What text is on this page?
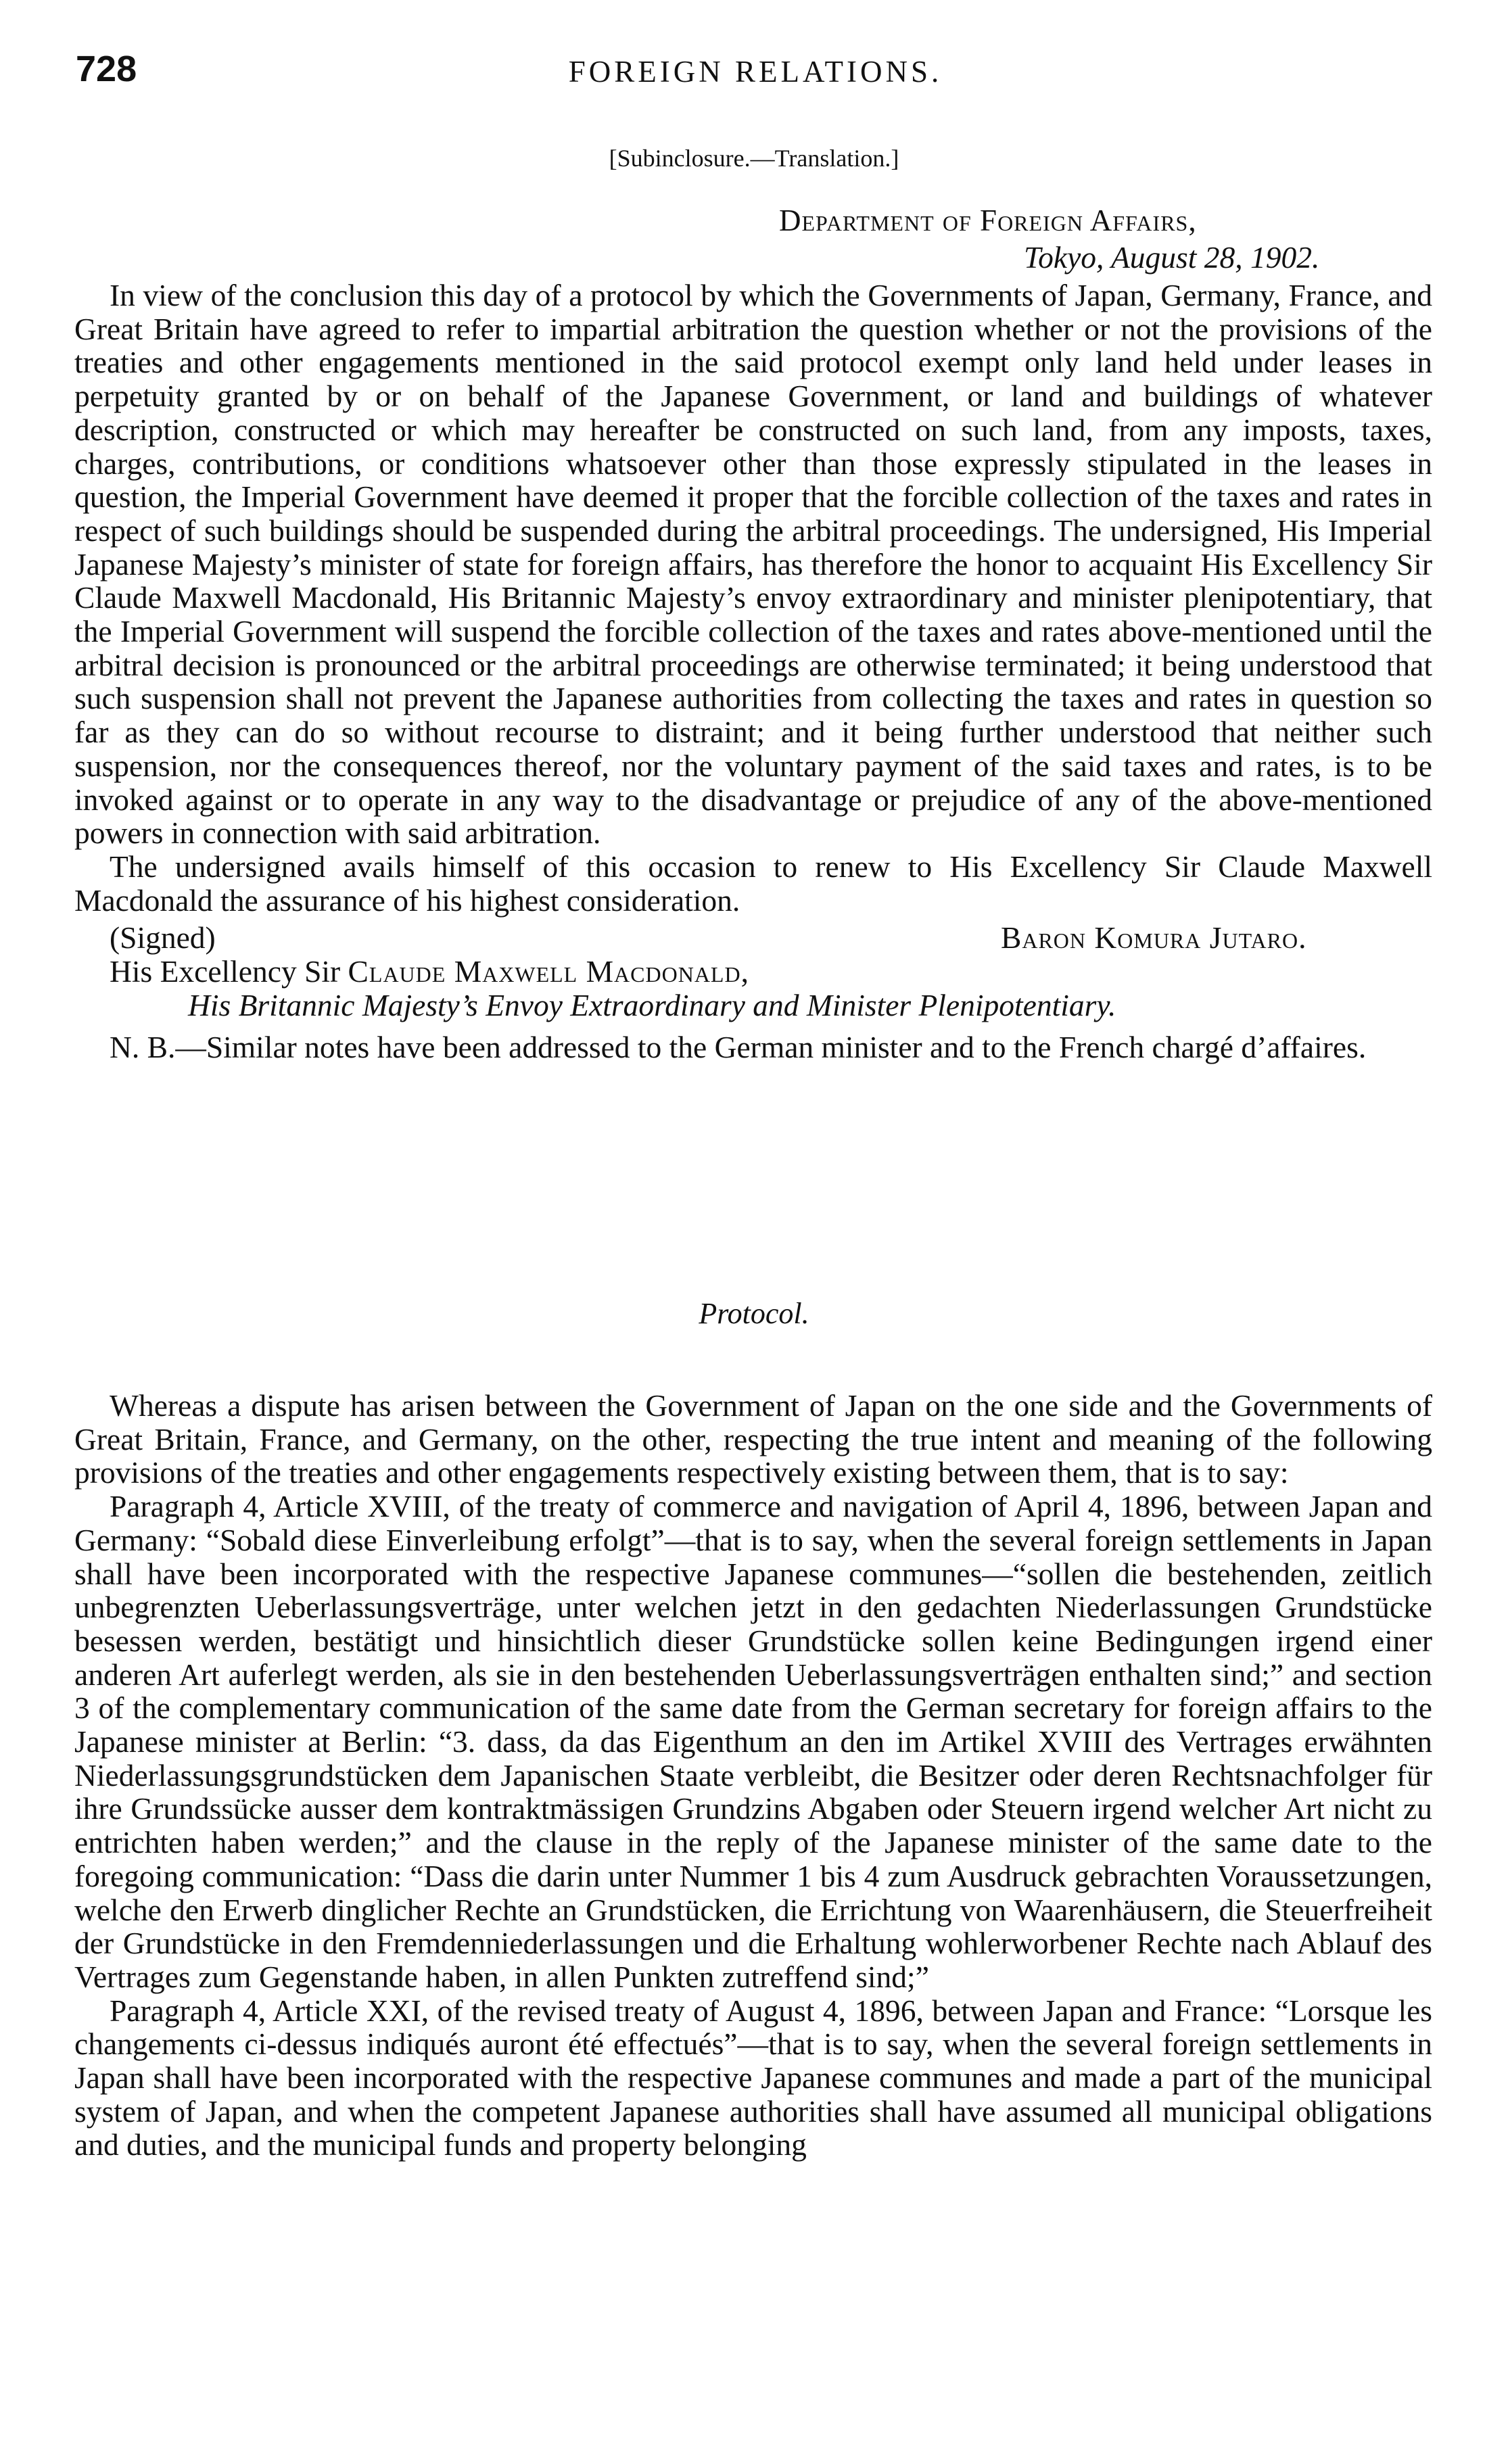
728	FOREIGN RELATIONS.
[Subinclosure.—Translation.]
Department of Foreign Affairs,
Tokyo, August 28, 1902.

In view of the conclusion this day of a protocol by which the Governments of Japan, Germany, France, and Great Britain have agreed to refer to impartial arbitration the question whether or not the provisions of the treaties and other engagements mentioned in the said protocol exempt only land held under leases in perpetuity granted by or on behalf of the Japanese Government, or land and buildings of whatever description, constructed or which may hereafter be constructed on such land, from any imposts, taxes, charges, contributions, or conditions whatsoever other than those expressly stipulated in the leases in question, the Imperial Government have deemed it proper that the forcible collection of the taxes and rates in respect of such buildings should be suspended during the arbitral proceedings. The undersigned, His Imperial Japanese Majesty’s minister of state for foreign affairs, has therefore the honor to acquaint His Excellency Sir Claude Maxwell Macdonald, His Britannic Majesty’s envoy extraordinary and minister plenipotentiary, that the Imperial Government will suspend the forcible collection of the taxes and rates above-mentioned until the arbitral decision is pronounced or the arbitral proceedings are otherwise terminated; it being understood that such suspension shall not prevent the Japanese authorities from collecting the taxes and rates in question so far as they can do so without recourse to distraint; and it being further understood that neither such suspension, nor the consequences thereof, nor the voluntary payment of the said taxes and rates, is to be invoked against or to operate in any way to the disadvantage or prejudice of any of the above-mentioned powers in connection with said arbitration.

The undersigned avails himself of this occasion to renew to His Excellency Sir Claude Maxwell Macdonald the assurance of his highest consideration.

(Signed)	Baron Komura Jutaro.

His Excellency Sir Claude Maxwell Macdonald,

His Britannic Majesty’s Envoy Extraordinary and Minister Plenipotentiary.

N. B.—Similar notes have been addressed to the German minister and to the French chargé d’affaires.

Protocol.

Whereas a dispute has arisen between the Government of Japan on the one side and the Governments of Great Britain, France, and Germany, on the other, respecting the true intent and meaning of the following provisions of the treaties and other engagements respectively existing between them, that is to say:

Paragraph 4, Article XVIII, of the treaty of commerce and navigation of April 4, 1896, between Japan and Germany: “Sobald diese Einverleibung erfolgt”—that is to say, when the several foreign settlements in Japan shall have been incorporated with the respective Japanese communes—“sollen die bestehenden, zeitlich unbegrenzten Ueberlassungsverträge, unter welchen jetzt in den gedachten Niederlassungen Grundstücke besessen werden, bestätigt und hinsichtlich dieser Grundstücke sollen keine Bedingungen irgend einer anderen Art auferlegt werden, als sie in den bestehenden Ueberlassungsverträgen enthalten sind;” and section 3 of the complementary communication of the same date from the German secretary for foreign affairs to the Japanese minister at Berlin: “3. dass, da das Eigenthum an den im Artikel XVIII des Vertrages erwähnten Niederlassungsgrundstücken dem Japanischen Staate verbleibt, die Besitzer oder deren Rechtsnachfolger für ihre Grundssücke ausser dem kontraktmässigen Grundzins Abgaben oder Steuern irgend welcher Art nicht zu entrichten haben werden;” and the clause in the reply of the Japanese minister of the same date to the foregoing communication: “Dass die darin unter Nummer 1 bis 4 zum Ausdruck gebrachten Voraussetzungen, welche den Erwerb dinglicher Rechte an Grundstücken, die Errichtung von Waarenhäusern, die Steuerfreiheit der Grundstücke in den Fremdenniederlassungen und die Erhaltung wohlerworbener Rechte nach Ablauf des Vertrages zum Gegenstande haben, in allen Punkten zutreffend sind;”

Paragraph 4, Article XXI, of the revised treaty of August 4, 1896, between Japan and France: “Lorsque les changements ci-dessus indiqués auront été effectués”—that is to say, when the several foreign settlements in Japan shall have been incorporated with the respective Japanese communes and made a part of the municipal system of Japan, and when the competent Japanese authorities shall have assumed all municipal obligations and duties, and the municipal funds and property belonging
